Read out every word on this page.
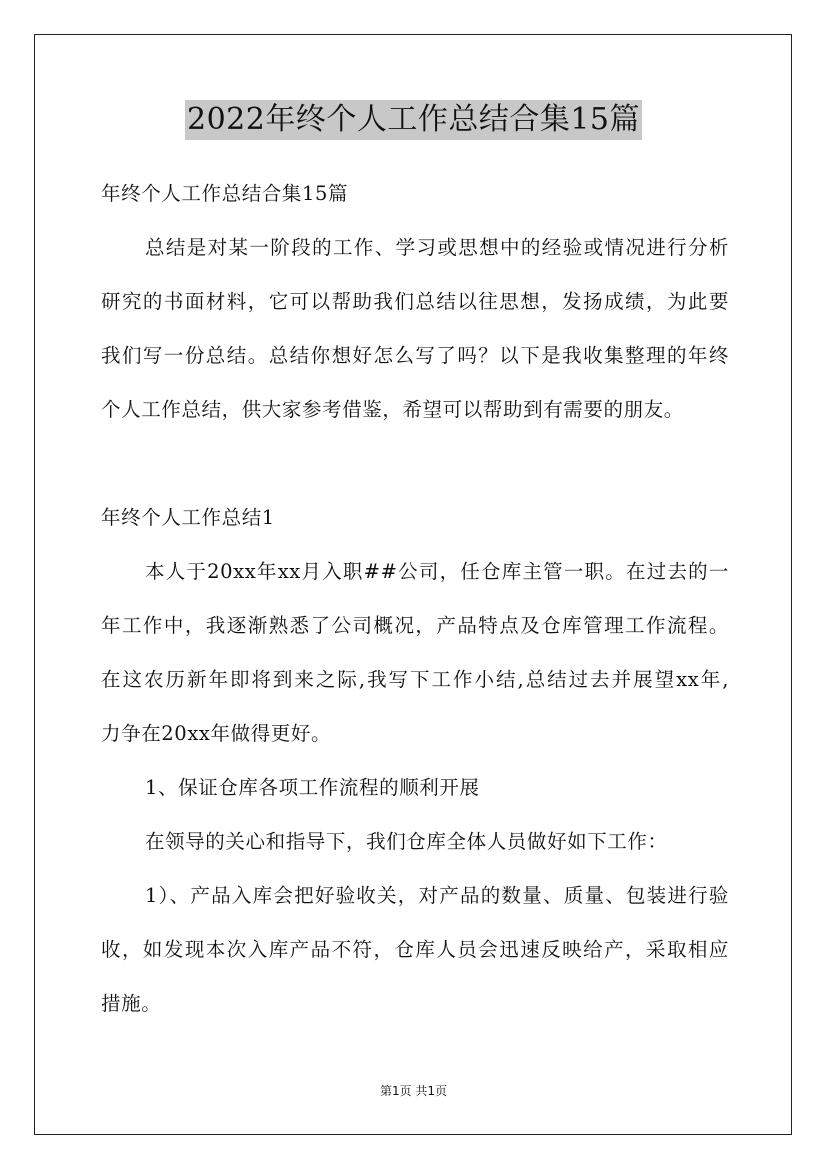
2022年终个人工作总结合集15篇
年终个人工作总结合集15篇
总结是对某一阶段的工作、学习或思想中的经验或情况进行分析
研究的书面材料，它可以帮助我们总结以往思想，发扬成绩，为此要
我们写一份总结。总结你想好怎么写了吗？以下是我收集整理的年终
个人工作总结，供大家参考借鉴，希望可以帮助到有需要的朋友。
年终个人工作总结1
本人于20xx年xx月入职##公司，任仓库主管一职。在过去的一
年工作中，我逐渐熟悉了公司概况，产品特点及仓库管理工作流程。
在这农历新年即将到来之际,我写下工作小结,总结过去并展望xx年,
力争在20xx年做得更好。
1、保证仓库各项工作流程的顺利开展
在领导的关心和指导下，我们仓库全体人员做好如下工作：
1）、产品入库会把好验收关，对产品的数量、质量、包装进行验
收，如发现本次入库产品不符，仓库人员会迅速反映给产，采取相应
措施。
第1页 共1页
